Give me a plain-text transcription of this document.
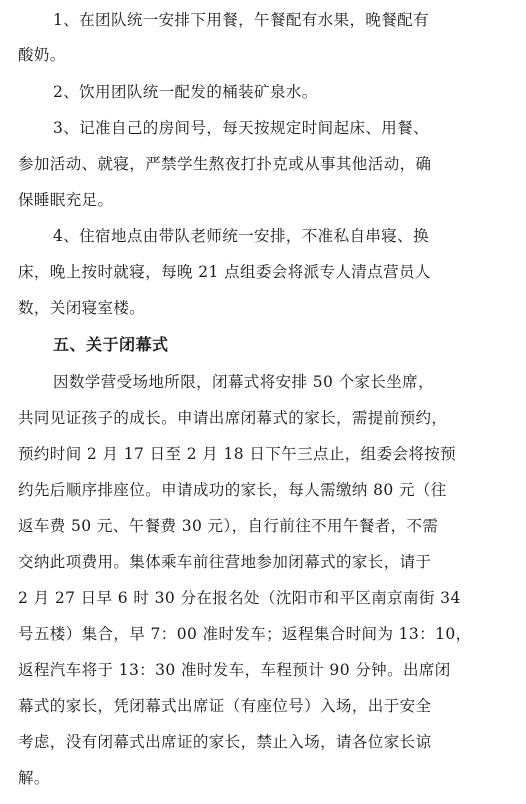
1、在团队统一安排下用餐，午餐配有水果，晚餐配有
酸奶。
2、饮用团队统一配发的桶装矿泉水。
3、记准自己的房间号，每天按规定时间起床、用餐、
参加活动、就寝，严禁学生熬夜打扑克或从事其他活动，确
保睡眠充足。
4、住宿地点由带队老师统一安排，不准私自串寝、换
床，晚上按时就寝，每晚 21 点组委会将派专人清点营员人
数，关闭寝室楼。
五、关于闭幕式
因数学营受场地所限，闭幕式将安排 50 个家长坐席，
共同见证孩子的成长。申请出席闭幕式的家长，需提前预约，
预约时间 2 月 17 日至 2 月 18 日下午三点止，组委会将按预
约先后顺序排座位。申请成功的家长，每人需缴纳 80 元（往
返车费 50 元、午餐费 30 元），自行前往不用午餐者，不需
交纳此项费用。集体乘车前往营地参加闭幕式的家长，请于
2 月 27 日早 6 时 30 分在报名处（沈阳市和平区南京南街 34
号五楼）集合，早 7：00 准时发车；返程集合时间为 13：10，
返程汽车将于 13：30 准时发车，车程预计 90 分钟。出席闭
幕式的家长，凭闭幕式出席证（有座位号）入场，出于安全
考虑，没有闭幕式出席证的家长，禁止入场，请各位家长谅
解。
